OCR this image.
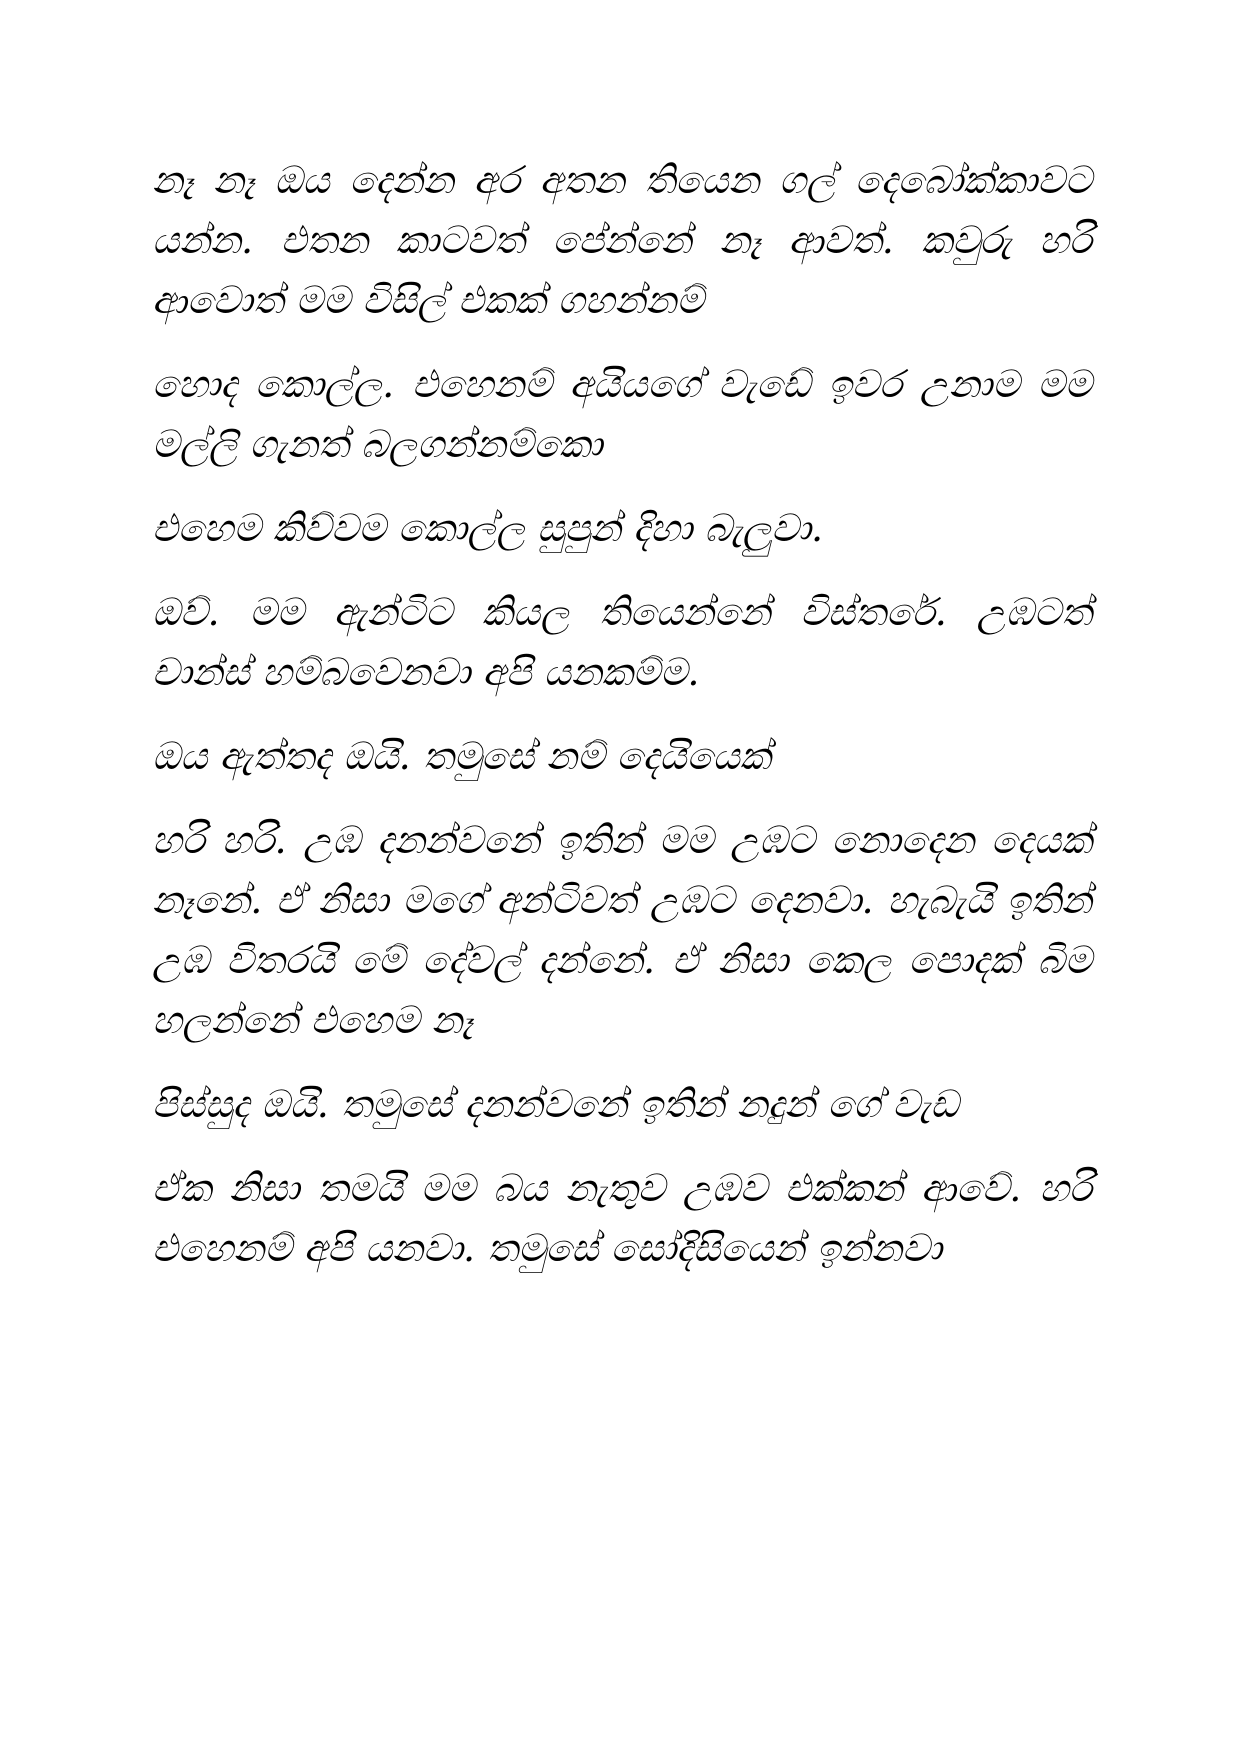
නෑ නෑ ඔය දෙන්න අර අතන තියෙන ගල් දෙබෝක්කාවට යන්න. එතන කාටවත් පේන්නේ නෑ ආවත්. කවුරු හරි ආවොත් මම විසිල් එකක් ගහන්නම්

හොද කොල්ල. එහෙනම් අයියගේ වැඩේ ඉවර උනාම මම මල්ලි ගැනත් බලගන්නම්කො

එහෙම කිව්වම කොල්ල සුපුන් දිහා බැලුවා.

ඔව්. මම ඇන්ටිට කියල තියෙන්නේ විස්තරේ. උඹටත් චාන්ස් හම්බවෙනවා අපි යනකම්ම.

ඔය ඇත්තද ඔයි. තමුසේ නම් දෙයියෙක්

හරි හරි. උඹ දනන්වනේ ඉතින් මම උඹට නොදෙන දෙයක් නෑනේ. ඒ නිසා මගේ අන්ටිවත් උඹට දෙනවා. හැබැයි ඉතින් උඹ විතරයි මේ දේවල් දන්නේ. ඒ නිසා කෙල පොදක් බිම හලන්නේ එහෙම නෑ

පිස්සුද ඔයි. තමුසේ දනන්වනේ ඉතින් නදුන් ගේ වැඩ

ඒක නිසා තමයි මම බය නැතුව උඹව එක්කන් ආවේ. හරි එහෙනම් අපි යනවා. තමුසේ සෝදිසියෙන් ඉන්නවා
